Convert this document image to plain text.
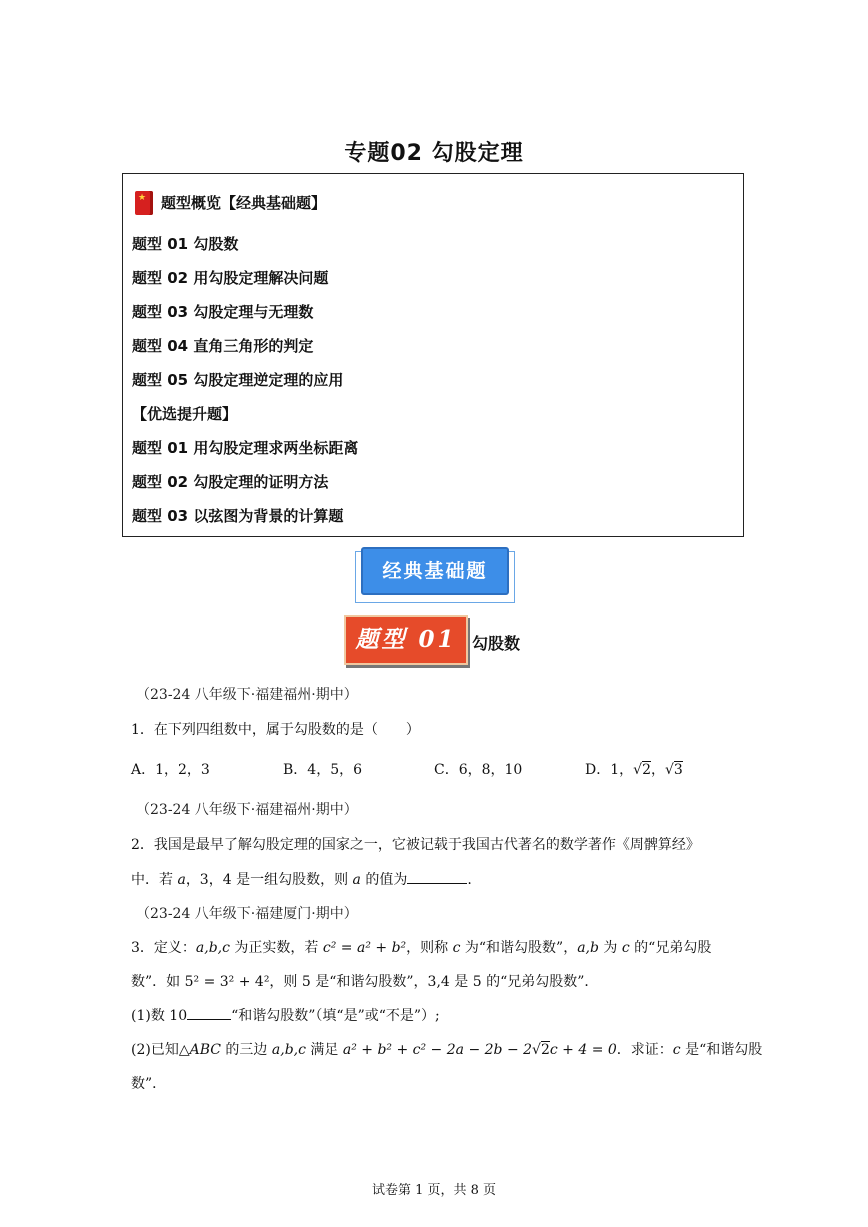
专题02 勾股定理
★
题型概览【经典基础题】
题型 01 勾股数
题型 02 用勾股定理解决问题
题型 03 勾股定理与无理数
题型 04 直角三角形的判定
题型 05 勾股定理逆定理的应用
【优选提升题】
题型 01 用勾股定理求两坐标距离
题型 02 勾股定理的证明方法
题型 03 以弦图为背景的计算题
经典基础题
题型 01 勾股数
（23-24 八年级下·福建福州·期中）
1．在下列四组数中，属于勾股数的是（　　）
A．1，2，3	B．4，5，6	C．6，8，10	D．1，√2，√3
（23-24 八年级下·福建福州·期中）
2．我国是最早了解勾股定理的国家之一，它被记载于我国古代著名的数学著作《周髀算经》
中．若 a，3，4 是一组勾股数，则 a 的值为	.
（23-24 八年级下·福建厦门·期中）
3．定义：a,b,c 为正实数，若 c² = a² + b²，则称 c 为“和谐勾股数”，a,b 为 c 的“兄弟勾股
数”．如 5² = 3² + 4²，则 5 是“和谐勾股数”，3,4 是 5 的“兄弟勾股数”．
(1)数 10	“和谐勾股数”（填“是”或“不是”）;
(2)已知△ABC 的三边 a,b,c 满足 a² + b² + c² − 2a − 2b − 2√2c + 4 = 0．求证：c 是“和谐勾股
数”．
试卷第 1 页，共 8 页
